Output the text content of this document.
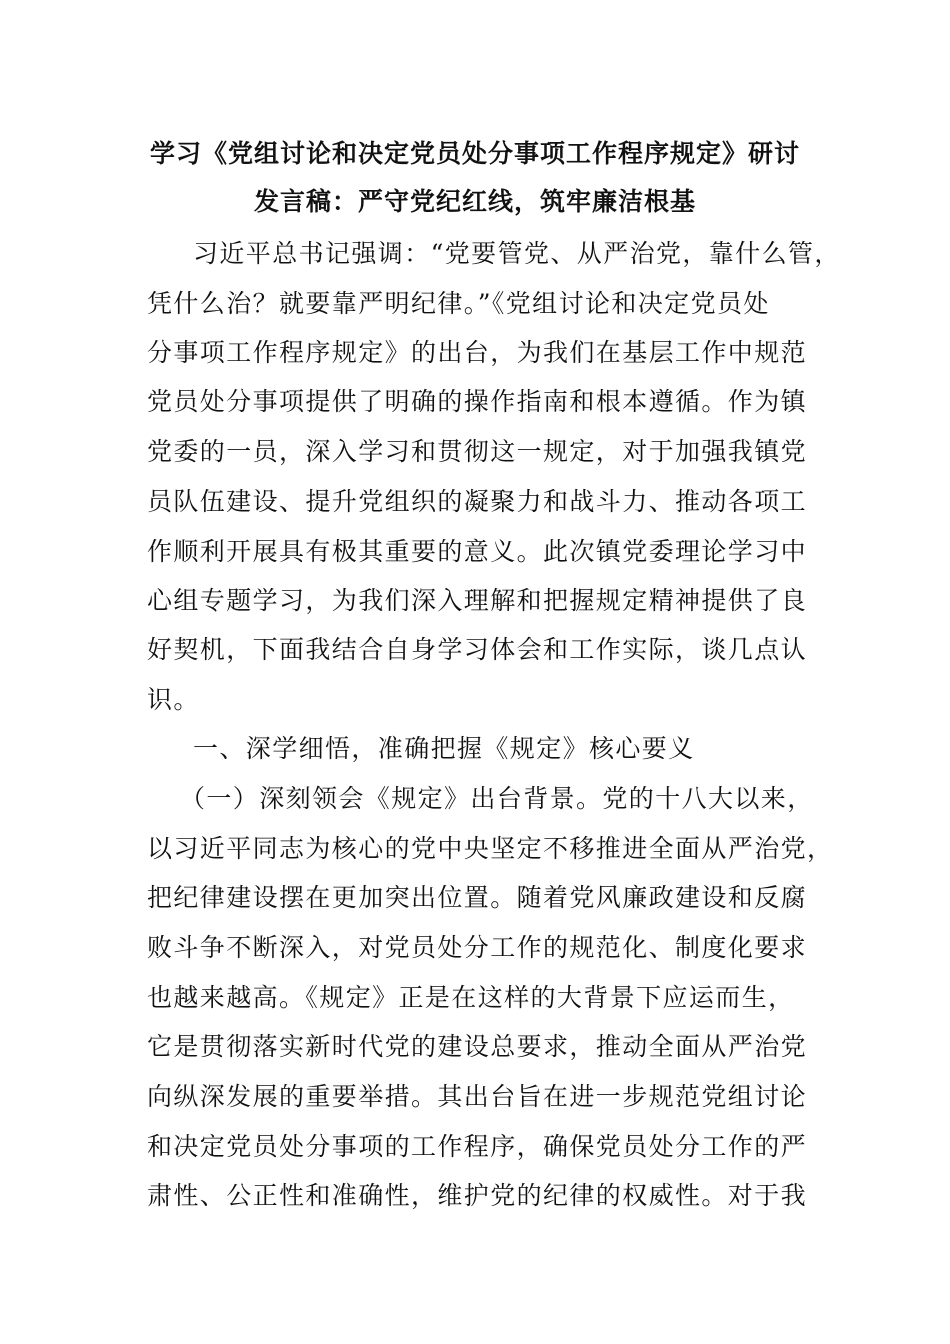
学习《党组讨论和决定党员处分事项工作程序规定》研讨
发言稿：严守党纪红线，筑牢廉洁根基
习近平总书记强调：“党要管党、从严治党，靠什么管，
凭什么治？就要靠严明纪律。”《党组讨论和决定党员处
分事项工作程序规定》的出台，为我们在基层工作中规范
党员处分事项提供了明确的操作指南和根本遵循。作为镇
党委的一员，深入学习和贯彻这一规定，对于加强我镇党
员队伍建设、提升党组织的凝聚力和战斗力、推动各项工
作顺利开展具有极其重要的意义。此次镇党委理论学习中
心组专题学习，为我们深入理解和把握规定精神提供了良
好契机，下面我结合自身学习体会和工作实际，谈几点认
识。
一、深学细悟，准确把握《规定》核心要义
（一）深刻领会《规定》出台背景。党的十八大以来，
以习近平同志为核心的党中央坚定不移推进全面从严治党，
把纪律建设摆在更加突出位置。随着党风廉政建设和反腐
败斗争不断深入，对党员处分工作的规范化、制度化要求
也越来越高。《规定》正是在这样的大背景下应运而生，
它是贯彻落实新时代党的建设总要求，推动全面从严治党
向纵深发展的重要举措。其出台旨在进一步规范党组讨论
和决定党员处分事项的工作程序，确保党员处分工作的严
肃性、公正性和准确性，维护党的纪律的权威性。对于我
